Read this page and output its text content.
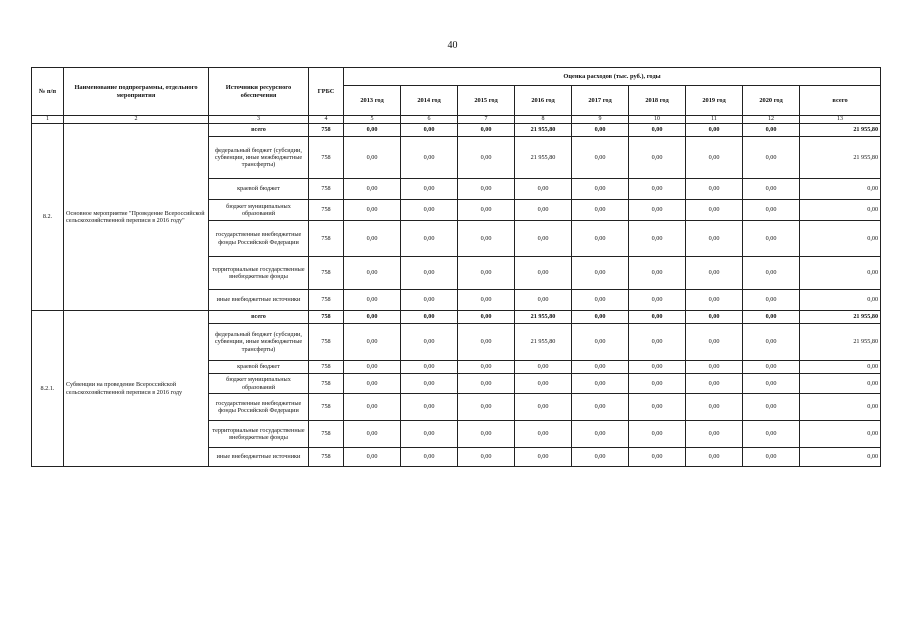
40
№ п/п	Наименование подпрограммы, отдельного мероприятия	Источники ресурсного обеспечения	ГРБС	Оценка расходов (тыс. руб.), годы								
				2013 год	2014 год	2015 год	2016 год	2017 год	2018 год	2019 год	2020 год	всего
1	2	3	4	5	6	7	8	9	10	11	12	13
8.2.	Основное мероприятие "Проведение Всероссийской сельскохозяйственной переписи в 2016 году"	всего	758	0,00	0,00	0,00	21 955,80	0,00	0,00	0,00	0,00	21 955,80
		федеральный бюджет (субсидии, субвенции, иные межбюджетные трансферты)	758	0,00	0,00	0,00	21 955,80	0,00	0,00	0,00	0,00	21 955,80
		краевой бюджет	758	0,00	0,00	0,00	0,00	0,00	0,00	0,00	0,00	0,00
		бюджет муниципальных образований	758	0,00	0,00	0,00	0,00	0,00	0,00	0,00	0,00	0,00
		государственные внебюджетные фонды Российской Федерации	758	0,00	0,00	0,00	0,00	0,00	0,00	0,00	0,00	0,00
		территориальные государственные внебюджетные фонды	758	0,00	0,00	0,00	0,00	0,00	0,00	0,00	0,00	0,00
		иные внебюджетные источники	758	0,00	0,00	0,00	0,00	0,00	0,00	0,00	0,00	0,00
8.2.1.	Субвенции на проведение Всероссийской сельскохозяйственной переписи в 2016 году	всего	758	0,00	0,00	0,00	21 955,80	0,00	0,00	0,00	0,00	21 955,80
		федеральный бюджет (субсидии, субвенции, иные межбюджетные трансферты)	758	0,00	0,00	0,00	21 955,80	0,00	0,00	0,00	0,00	21 955,80
		краевой бюджет	758	0,00	0,00	0,00	0,00	0,00	0,00	0,00	0,00	0,00
		бюджет муниципальных образований	758	0,00	0,00	0,00	0,00	0,00	0,00	0,00	0,00	0,00
		государственные внебюджетные фонды Российской Федерации	758	0,00	0,00	0,00	0,00	0,00	0,00	0,00	0,00	0,00
		территориальные государственные внебюджетные фонды	758	0,00	0,00	0,00	0,00	0,00	0,00	0,00	0,00	0,00
		иные внебюджетные источники	758	0,00	0,00	0,00	0,00	0,00	0,00	0,00	0,00	0,00
